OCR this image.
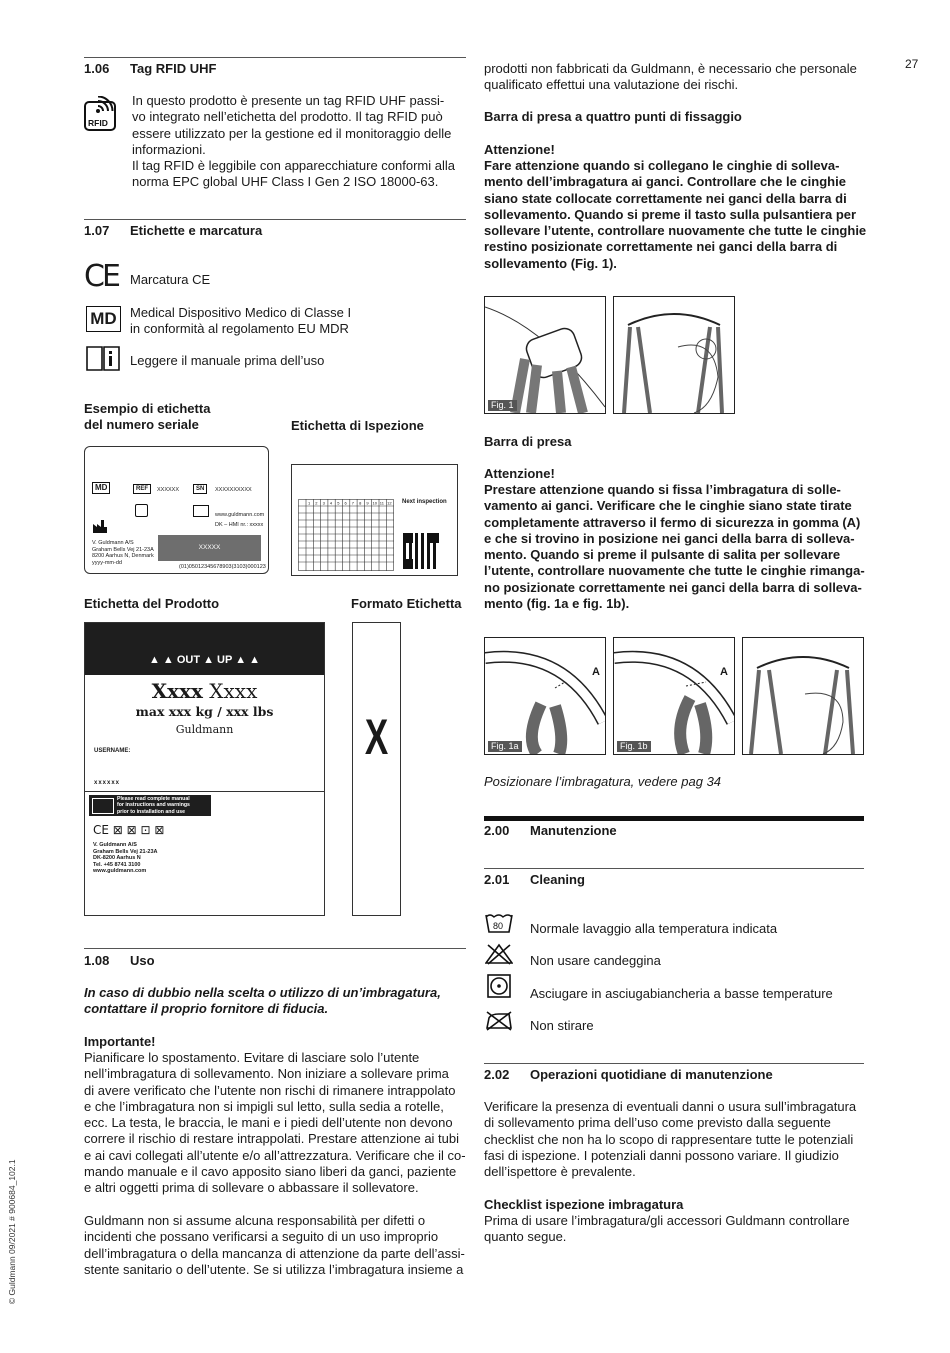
27
© Guldmann 09/2021 # 900684_102.1
1.06 Tag RFID UHF
RFID
In questo prodotto è presente un tag RFID UHF passi-
vo integrato nell’etichetta del prodotto. Il tag RFID può
essere utilizzato per la gestione ed il monitoraggio delle
informazioni.
Il tag RFID è leggibile con apparecchiature conformi alla
norma EPC global UHF Class I Gen 2 ISO 18000-63.
1.07 Etichette e marcatura
CE Marcatura CE
MD	Medical Dispositivo Medico di Classe I
in conformità al regolamento EU MDR
Leggere il manuale prima dell’uso
Esempio di etichetta
del numero seriale	Etichetta di Ispezione
MD	REF	XXXXXX	SN	XXXXXXXXXX
www.guldmann.com
DK – HMI nr.: xxxxx
V. Guldmann A/S
Graham Bells Vej 21-23A
8200 Aarhus N, Denmark
yyyy-mm-dd
XXXXX
(01)05012345678903(3103)000123
1 2 3 4 5 6 7 8 9 10 11 12 Next inspection
Etichetta del Prodotto	Formato Etichetta
▲ ▲ OUT ▲ UP ▲ ▲
Xxxx Xxxx
max xxx kg / xxx lbs
Guldmann
USERNAME:
xxxxxx
Please read complete manual
for instructions and warnings
prior to installation and use
CE ⊠ ⊠ ⊡ ⊠
V. Guldmann A/S
Graham Bells Vej 21-23A
DK-8200 Aarhus N
Tel. +45 8741 3100
www.guldmann.com
X
1.08 Uso
In caso di dubbio nella scelta o utilizzo di un’imbragatura,
contattare il proprio fornitore di fiducia.
Importante!
Pianificare lo spostamento. Evitare di lasciare solo l’utente
nell’imbragatura di sollevamento. Non iniziare a sollevare prima
di avere verificato che l’utente non rischi di rimanere intrappolato
e che l’imbragatura non si impigli sul letto, sulla sedia a rotelle,
ecc. La testa, le braccia, le mani e i piedi dell’utente non devono
correre il rischio di restare intrappolati. Prestare attenzione ai tubi
e ai cavi collegati all’utente e/o all’attrezzatura. Verificare che il co-
mando manuale e il cavo apposito siano liberi da ganci, paziente
e altri oggetti prima di sollevare o abbassare il sollevatore.
Guldmann non si assume alcuna responsabilità per difetti o
incidenti che possano verificarsi a seguito di un uso improprio
dell’imbragatura o della mancanza di attenzione da parte dell’assi-
stente sanitario o dell’utente. Se si utilizza l’imbragatura insieme a
prodotti non fabbricati da Guldmann, è necessario che personale
qualificato effettui una valutazione dei rischi.
Barra di presa a quattro punti di fissaggio
Attenzione!
Fare attenzione quando si collegano le cinghie di solleva-
mento dell’imbragatura ai ganci. Controllare che le cinghie
siano state collocate correttamente nei ganci della barra di
sollevamento. Quando si preme il tasto sulla pulsantiera per
sollevare l’utente, controllare nuovamente che tutte le cinghie
restino posizionate correttamente nei ganci della barra di
sollevamento (Fig. 1).
Fig. 1
Barra di presa
Attenzione!
Prestare attenzione quando si fissa l’imbragatura di solle-
vamento ai ganci. Verificare che le cinghie siano state tirate
completamente attraverso il fermo di sicurezza in gomma (A)
e che si trovino in posizione nei ganci della barra di solleva-
mento. Quando si preme il pulsante di salita per sollevare
l’utente, controllare nuovamente che tutte le cinghie rimanga-
no posizionate correttamente nei ganci della barra di solleva-
mento (fig. 1a e fig. 1b).
A
Fig. 1a
A
Fig. 1b
Posizionare l’imbragatura, vedere pag 34
2.00 Manutenzione
2.01 Cleaning
80 Normale lavaggio alla temperatura indicata
Non usare candeggina
Asciugare in asciugabiancheria a basse temperature
Non stirare
2.02 Operazioni quotidiane di manutenzione
Verificare la presenza di eventuali danni o usura sull’imbragatura
di sollevamento prima dell’uso come previsto dalla seguente
checklist che non ha lo scopo di rappresentare tutte le potenziali
fasi di ispezione. I potenziali danni possono variare. Il giudizio
dell’ispettore è prevalente.
Checklist ispezione imbragatura
Prima di usare l’imbragatura/gli accessori Guldmann controllare
quanto segue.
